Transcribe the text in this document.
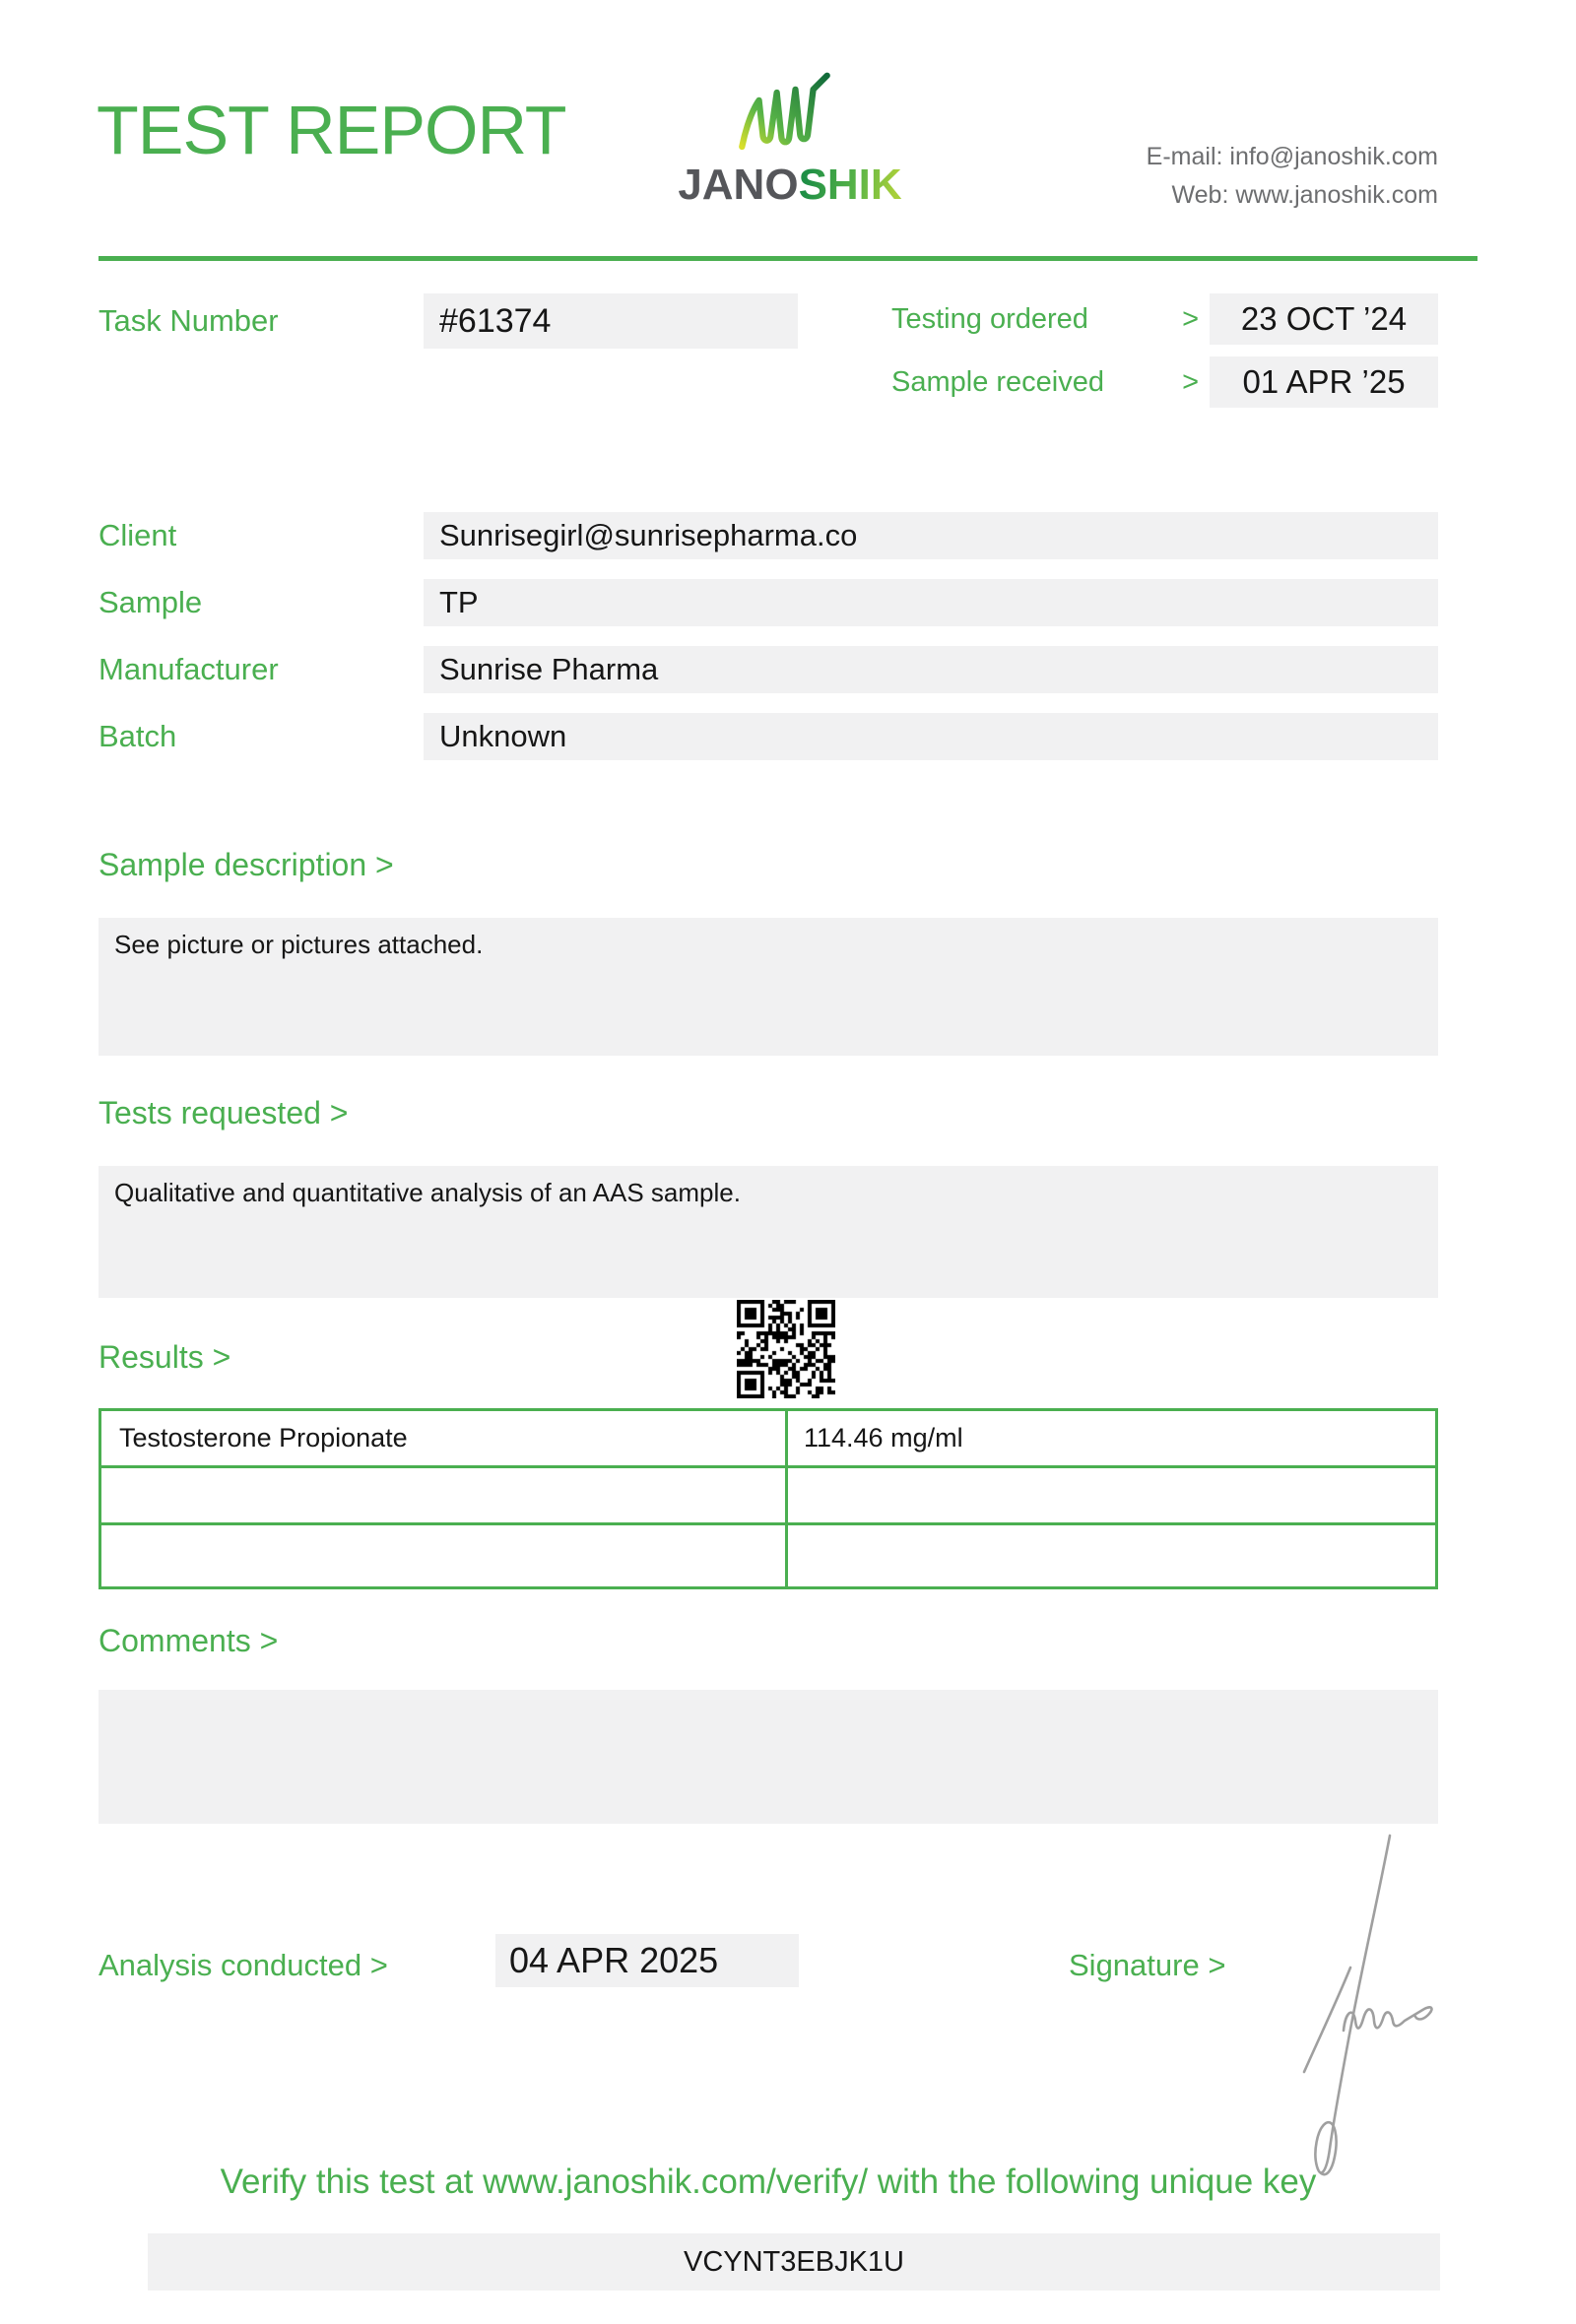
TEST REPORT
JANOSHIK
E-mail: info@janoshik.com
Web: www.janoshik.com
Task Number	#61374	Testing ordered	>	23 OCT ’24
Sample received	>	01 APR ’25
Client	Sunrisegirl@sunrisepharma.co
Sample	TP
Manufacturer	Sunrise Pharma
Batch	Unknown
Sample description >
See picture or pictures attached.
Tests requested >
Qualitative and quantitative analysis of an AAS sample.
Results >
Testosterone Propionate	114.46 mg/ml
Comments >
Analysis conducted >	04 APR 2025	Signature >
Verify this test at www.janoshik.com/verify/ with the following unique key
VCYNT3EBJK1U
